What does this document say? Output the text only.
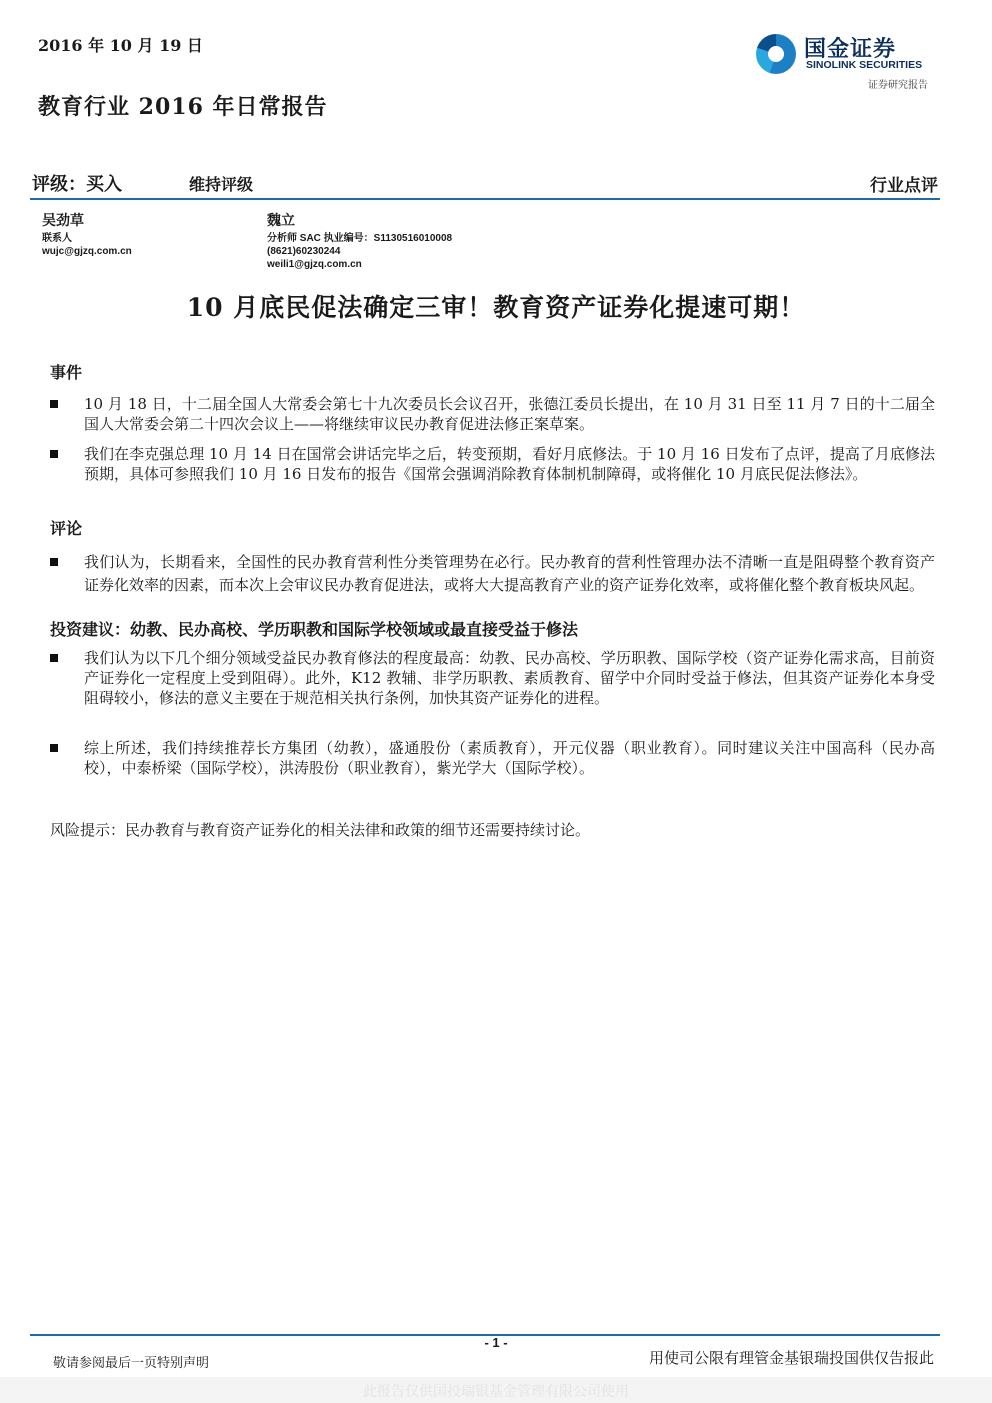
2016 年 10 月 19 日
教育行业 2016 年日常报告
国金证券
SINOLINK SECURITIES
证券研究报告
评级：买入	维持评级	行业点评
吴劲草
联系人
wujc@gjzq.com.cn
魏立
分析师 SAC 执业编号：S1130516010008
(8621)60230244
weili1@gjzq.com.cn
10 月底民促法确定三审！教育资产证券化提速可期！
事件
10 月 18 日，十二届全国人大常委会第七十九次委员长会议召开，张德江委员长提出，在 10 月 31 日至 11 月 7 日的十二届全国人大常委会第二十四次会议上——将继续审议民办教育促进法修正案草案。
我们在李克强总理 10 月 14 日在国常会讲话完毕之后，转变预期，看好月底修法。于 10 月 16 日发布了点评，提高了月底修法预期，具体可参照我们 10 月 16 日发布的报告《国常会强调消除教育体制机制障碍，或将催化 10 月底民促法修法》。
评论
我们认为，长期看来，全国性的民办教育营利性分类管理势在必行。民办教育的营利性管理办法不清晰一直是阻碍整个教育资产证券化效率的因素，而本次上会审议民办教育促进法，或将大大提高教育产业的资产证券化效率，或将催化整个教育板块风起。
投资建议：幼教、民办高校、学历职教和国际学校领域或最直接受益于修法
我们认为以下几个细分领域受益民办教育修法的程度最高：幼教、民办高校、学历职教、国际学校（资产证券化需求高，目前资产证券化一定程度上受到阻碍）。此外，K12 教辅、非学历职教、素质教育、留学中介同时受益于修法，但其资产证券化本身受阻碍较小，修法的意义主要在于规范相关执行条例，加快其资产证券化的进程。
综上所述，我们持续推荐长方集团（幼教），盛通股份（素质教育），开元仪器（职业教育）。同时建议关注中国高科（民办高校），中泰桥梁（国际学校），洪涛股份（职业教育），紫光学大（国际学校）。
风险提示：民办教育与教育资产证券化的相关法律和政策的细节还需要持续讨论。
- 1 -
敬请参阅最后一页特别声明	用使司公限有理管金基银瑞投国供仅告报此
此报告仅供国投瑞银基金管理有限公司使用
